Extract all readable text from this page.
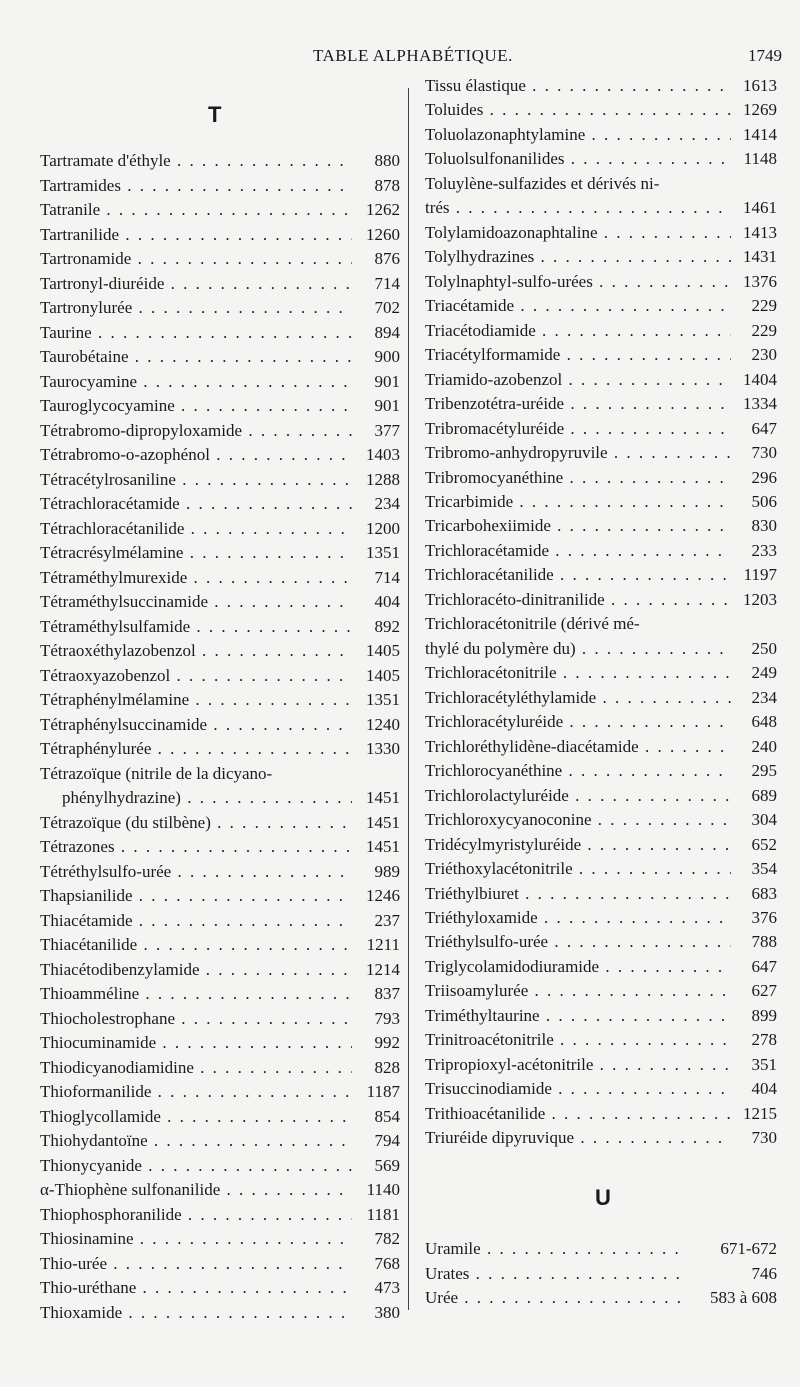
TABLE ALPHABÉTIQUE.	1749
T
Tartramate d'éthyle . . .	880
Tartramides . . .	878
Tatranile . . .	1262
Tartranilide . . .	1260
Tartronamide . . .	876
Tartronyl-diuréide . . .	714
Tartronylurée . . .	702
Taurine . . .	894
Taurobétaine . . .	900
Taurocyamine . . .	901
Tauroglycocyamine . . .	901
Tétrabromo-dipropyloxamide . . .	377
Tétrabromo-o-azophénol . . .	1403
Tétracétylrosaniline . . .	1288
Tétrachloracétamide . . .	234
Tétrachloracétanilide . . .	1200
Tétracrésylmélamine . . .	1351
Tétraméthylmurexide . . .	714
Tétraméthylsuccinamide . . .	404
Tétraméthylsulfamide . . .	892
Tétraoxéthylazobenzol . . .	1405
Tétraoxyazobenzol . . .	1405
Tétraphénylmélamine . . .	1351
Tétraphénylsuccinamide . . .	1240
Tétraphénylurée . . .	1330
Tétrazoïque (nitrile de la dicyano-
phénylhydrazine) . . .	1451
Tétrazoïque (du stilbène) . . .	1451
Tétrazones . . .	1451
Tétréthylsulfo-urée . . .	989
Thapsianilide . . .	1246
Thiacétamide . . .	237
Thiacétanilide . . .	1211
Thiacétodibenzylamide . . .	1214
Thioamméline . . .	837
Thiocholestrophane . . .	793
Thiocuminamide . . .	992
Thiodicyanodiamidine . . .	828
Thioformanilide . . .	1187
Thioglycollamide . . .	854
Thiohydantoïne . . .	794
Thionycyanide . . .	569
α-Thiophène sulfonanilide . . .	1140
Thiophosphoranilide . . .	1181
Thiosinamine . . .	782
Thio-urée . . .	768
Thio-uréthane . . .	473
Thioxamide . . .	380
U
Tissu élastique . . .	1613
Toluides . . .	1269
Toluolazonaphtylamine . . .	1414
Toluolsulfonanilides . . .	1148
Toluylène-sulfazides et dérivés ni-
trés . . .	1461
Tolylamidoazonaphtaline . . .	1413
Tolylhydrazines . . .	1431
Tolylnaphtyl-sulfo-urées . . .	1376
Triacétamide . . .	229
Triacétodiamide . . .	229
Triacétylformamide . . .	230
Triamido-azobenzol . . .	1404
Tribenzotétra-uréide . . .	1334
Tribromacétyluréide . . .	647
Tribromo-anhydropyruvile . . .	730
Tribromocyanéthine . . .	296
Tricarbimide . . .	506
Tricarbohexiimide . . .	830
Trichloracétamide . . .	233
Trichloracétanilide . . .	1197
Trichloracéto-dinitranilide . . .	1203
Trichloracétonitrile (dérivé mé-
thylé du polymère du) . . .	250
Trichloracétonitrile . . .	249
Trichloracétyléthylamide . . .	234
Trichloracétyluréide . . .	648
Trichloréthylidène-diacétamide . . .	240
Trichlorocyanéthine . . .	295
Trichlorolactyluréide . . .	689
Trichloroxycyanoconine . . .	304
Tridécylmyristyluréide . . .	652
Triéthoxylacétonitrile . . .	354
Triéthylbiuret . . .	683
Triéthyloxamide . . .	376
Triéthylsulfo-urée . . .	788
Triglycolamidodiuramide . . .	647
Triisoamylurée . . .	627
Triméthyltaurine . . .	899
Trinitroacétonitrile . . .	278
Tripropioxyl-acétonitrile . . .	351
Trisuccinodiamide . . .	404
Trithioacétanilide . . .	1215
Triuréide dipyruvique . . .	730
Uramile . . .	671-672
Urates . . .	746
Urée . . .	583 à 608
